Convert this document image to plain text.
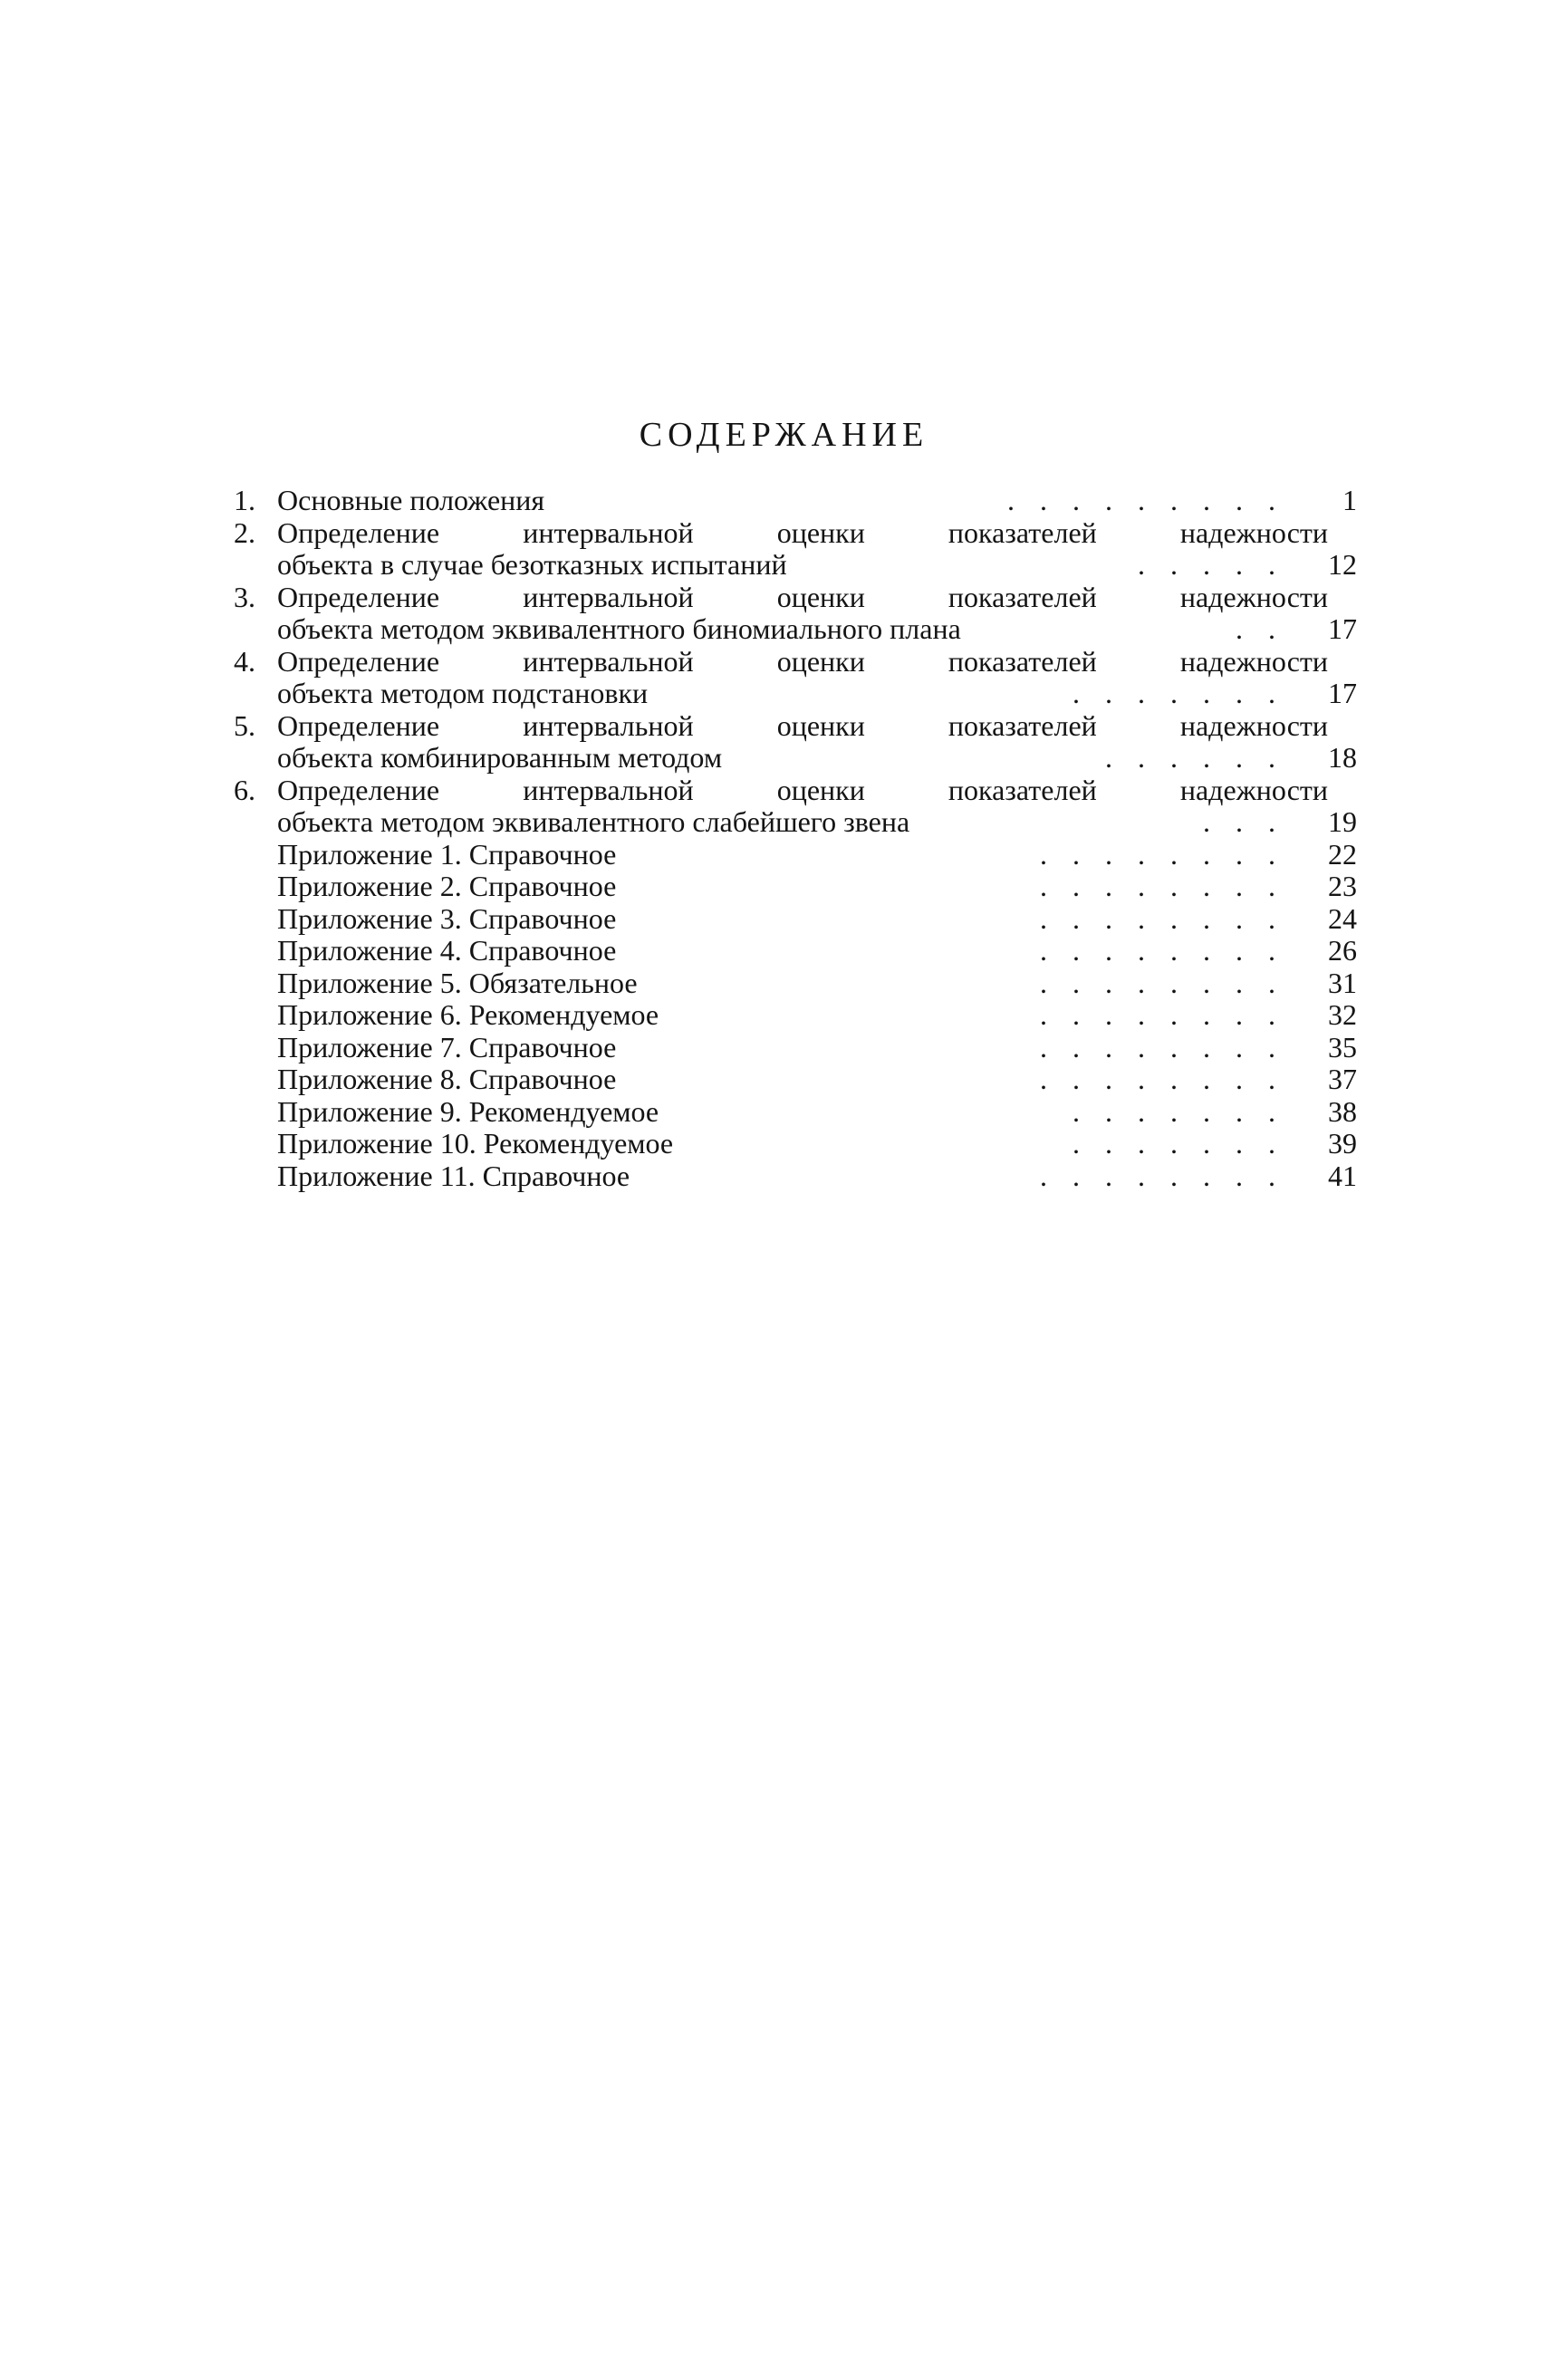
СОДЕРЖАНИЕ
1. Основные положения	.........	1
2. Определение интервальной оценки показателей надежности
объекта в случае безотказных испытаний	..... 12
3. Определение интервальной оценки показателей надежности
объекта методом эквивалентного биномиального плана	.. 17
4. Определение интервальной оценки показателей надежности
объекта методом подстановки	....... 17
5. Определение интервальной оценки показателей надежности
объекта комбинированным методом	...... 18
6. Определение интервальной оценки показателей надежности
объекта методом эквивалентного слабейшего звена	... 19
Приложение 1. Справочное	........ 22
Приложение 2. Справочное	........ 23
Приложение 3. Справочное	........ 24
Приложение 4. Справочное	........ 26
Приложение 5. Обязательное	........ 31
Приложение 6. Рекомендуемое	........ 32
Приложение 7. Справочное	........ 35
Приложение 8. Справочное	........ 37
Приложение 9. Рекомендуемое	....... 38
Приложение 10. Рекомендуемое	....... 39
Приложение 11. Справочное	........ 41
